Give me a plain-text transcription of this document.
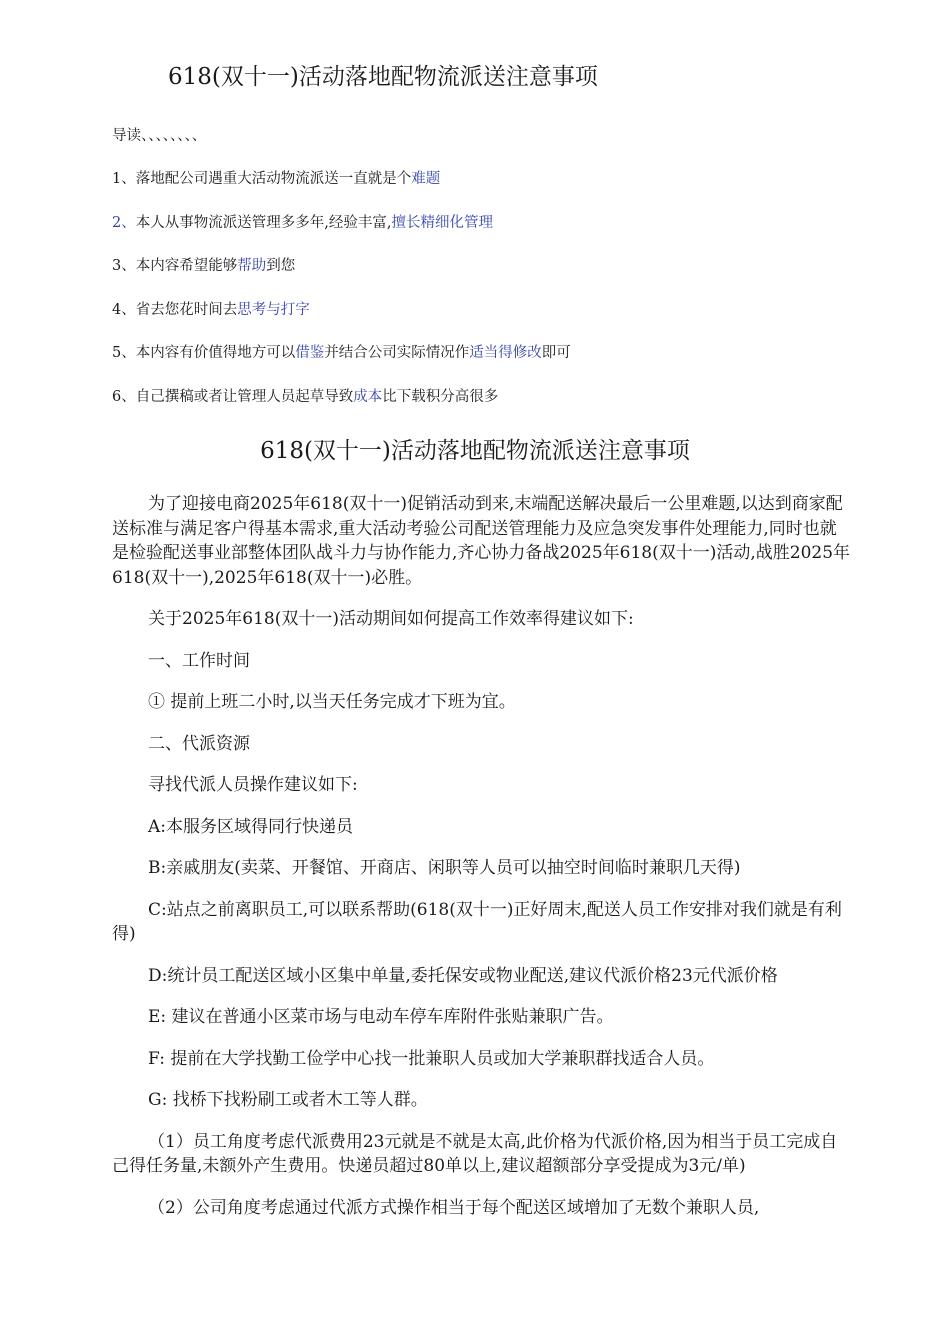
618(双十一)活动落地配物流派送注意事项

导读、、、、、、、、

1、落地配公司遇重大活动物流派送一直就是个难题

2、本人从事物流派送管理多多年,经验丰富,擅长精细化管理

3、本内容希望能够帮助到您

4、省去您花时间去思考与打字

5、本内容有价值得地方可以借鉴并结合公司实际情况作适当得修改即可

6、自己撰稿或者让管理人员起草导致成本比下载积分高很多

618(双十一)活动落地配物流派送注意事项

为了迎接电商2025年618(双十一)促销活动到来,末端配送解决最后一公里难题,以达到商家配送标准与满足客户得基本需求,重大活动考验公司配送管理能力及应急突发事件处理能力,同时也就是检验配送事业部整体团队战斗力与协作能力,齐心协力备战2025年618(双十一)活动,战胜2025年618(双十一),2025年618(双十一)必胜。

关于2025年618(双十一)活动期间如何提高工作效率得建议如下:

一、工作时间

① 提前上班二小时,以当天任务完成才下班为宜。

二、代派资源

寻找代派人员操作建议如下:

A:本服务区域得同行快递员

B:亲戚朋友(卖菜、开餐馆、开商店、闲职等人员可以抽空时间临时兼职几天得)

C:站点之前离职员工,可以联系帮助(618(双十一)正好周末,配送人员工作安排对我们就是有利得)

D:统计员工配送区域小区集中单量,委托保安或物业配送,建议代派价格23元代派价格

E: 建议在普通小区菜市场与电动车停车库附件张贴兼职广告。

F: 提前在大学找勤工俭学中心找一批兼职人员或加大学兼职群找适合人员。

G: 找桥下找粉刷工或者木工等人群。

（1）员工角度考虑代派费用23元就是不就是太高,此价格为代派价格,因为相当于员工完成自己得任务量,未额外产生费用。快递员超过80单以上,建议超额部分享受提成为3元/单)

（2）公司角度考虑通过代派方式操作相当于每个配送区域增加了无数个兼职人员,
